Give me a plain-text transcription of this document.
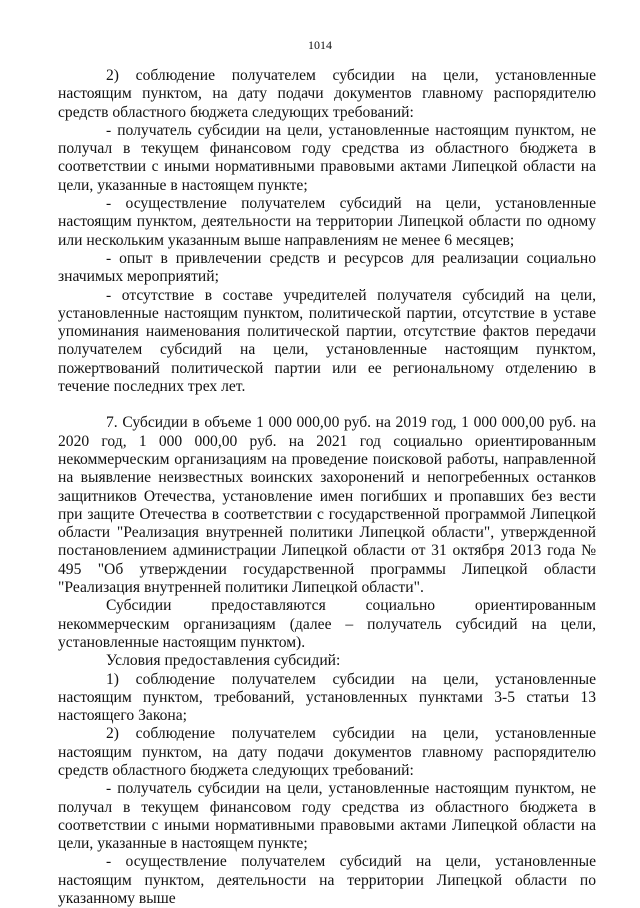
1014

2) соблюдение получателем субсидии на цели, установленные настоящим пунктом, на дату подачи документов главному распорядителю средств областного бюджета следующих требований:

- получатель субсидии на цели, установленные настоящим пунктом, не получал в текущем финансовом году средства из областного бюджета в соответствии с иными нормативными правовыми актами Липецкой области на цели, указанные в настоящем пункте;

- осуществление получателем субсидий на цели, установленные настоящим пунктом, деятельности на территории Липецкой области по одному или нескольким указанным выше направлениям не менее 6 месяцев;

- опыт в привлечении средств и ресурсов для реализации социально значимых мероприятий;

- отсутствие в составе учредителей получателя субсидий на цели, установленные настоящим пунктом, политической партии, отсутствие в уставе упоминания наименования политической партии, отсутствие фактов передачи получателем субсидий на цели, установленные настоящим пунктом, пожертвований политической партии или ее региональному отделению в течение последних трех лет.

7. Субсидии в объеме 1 000 000,00 руб. на 2019 год, 1 000 000,00 руб. на 2020 год, 1 000 000,00 руб. на 2021 год социально ориентированным некоммерческим организациям на проведение поисковой работы, направленной на выявление неизвестных воинских захоронений и непогребенных останков защитников Отечества, установление имен погибших и пропавших без вести при защите Отечества в соответствии с государственной программой Липецкой области "Реализация внутренней политики Липецкой области", утвержденной постановлением администрации Липецкой области от 31 октября 2013 года № 495 "Об утверждении государственной программы Липецкой области "Реализация внутренней политики Липецкой области".

Субсидии предоставляются социально ориентированным некоммерческим организациям (далее – получатель субсидий на цели, установленные настоящим пунктом).

Условия предоставления субсидий:

1) соблюдение получателем субсидии на цели, установленные настоящим пунктом, требований, установленных пунктами 3-5 статьи 13 настоящего Закона;

2) соблюдение получателем субсидии на цели, установленные настоящим пунктом, на дату подачи документов главному распорядителю средств областного бюджета следующих требований:

- получатель субсидии на цели, установленные настоящим пунктом, не получал в текущем финансовом году средства из областного бюджета в соответствии с иными нормативными правовыми актами Липецкой области на цели, указанные в настоящем пункте;

- осуществление получателем субсидий на цели, установленные настоящим пунктом, деятельности на территории Липецкой области по указанному выше
